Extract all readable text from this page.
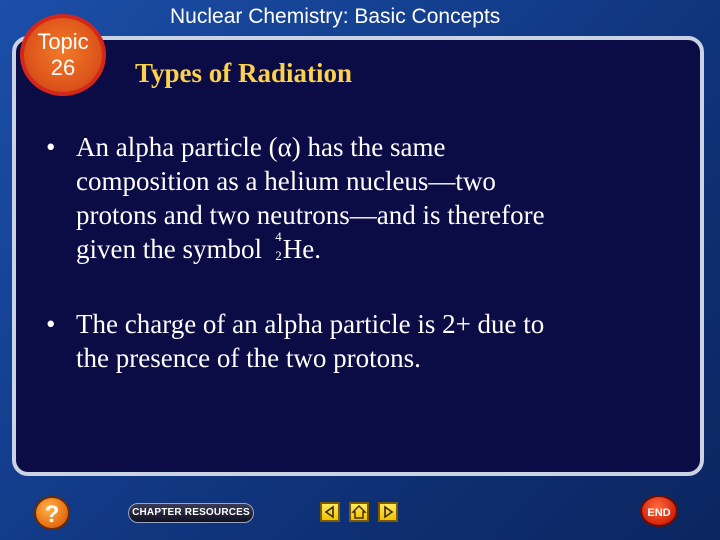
Topic
26
Nuclear Chemistry: Basic Concepts
Types of Radiation
• An alpha particle (α) has the same
composition as a helium nucleus—two
protons and two neutrons—and is therefore
given the symbol 4
2 He.
• The charge of an alpha particle is 2+ due to
the presence of the two protons.
?	CHAPTER RESOURCES	END
